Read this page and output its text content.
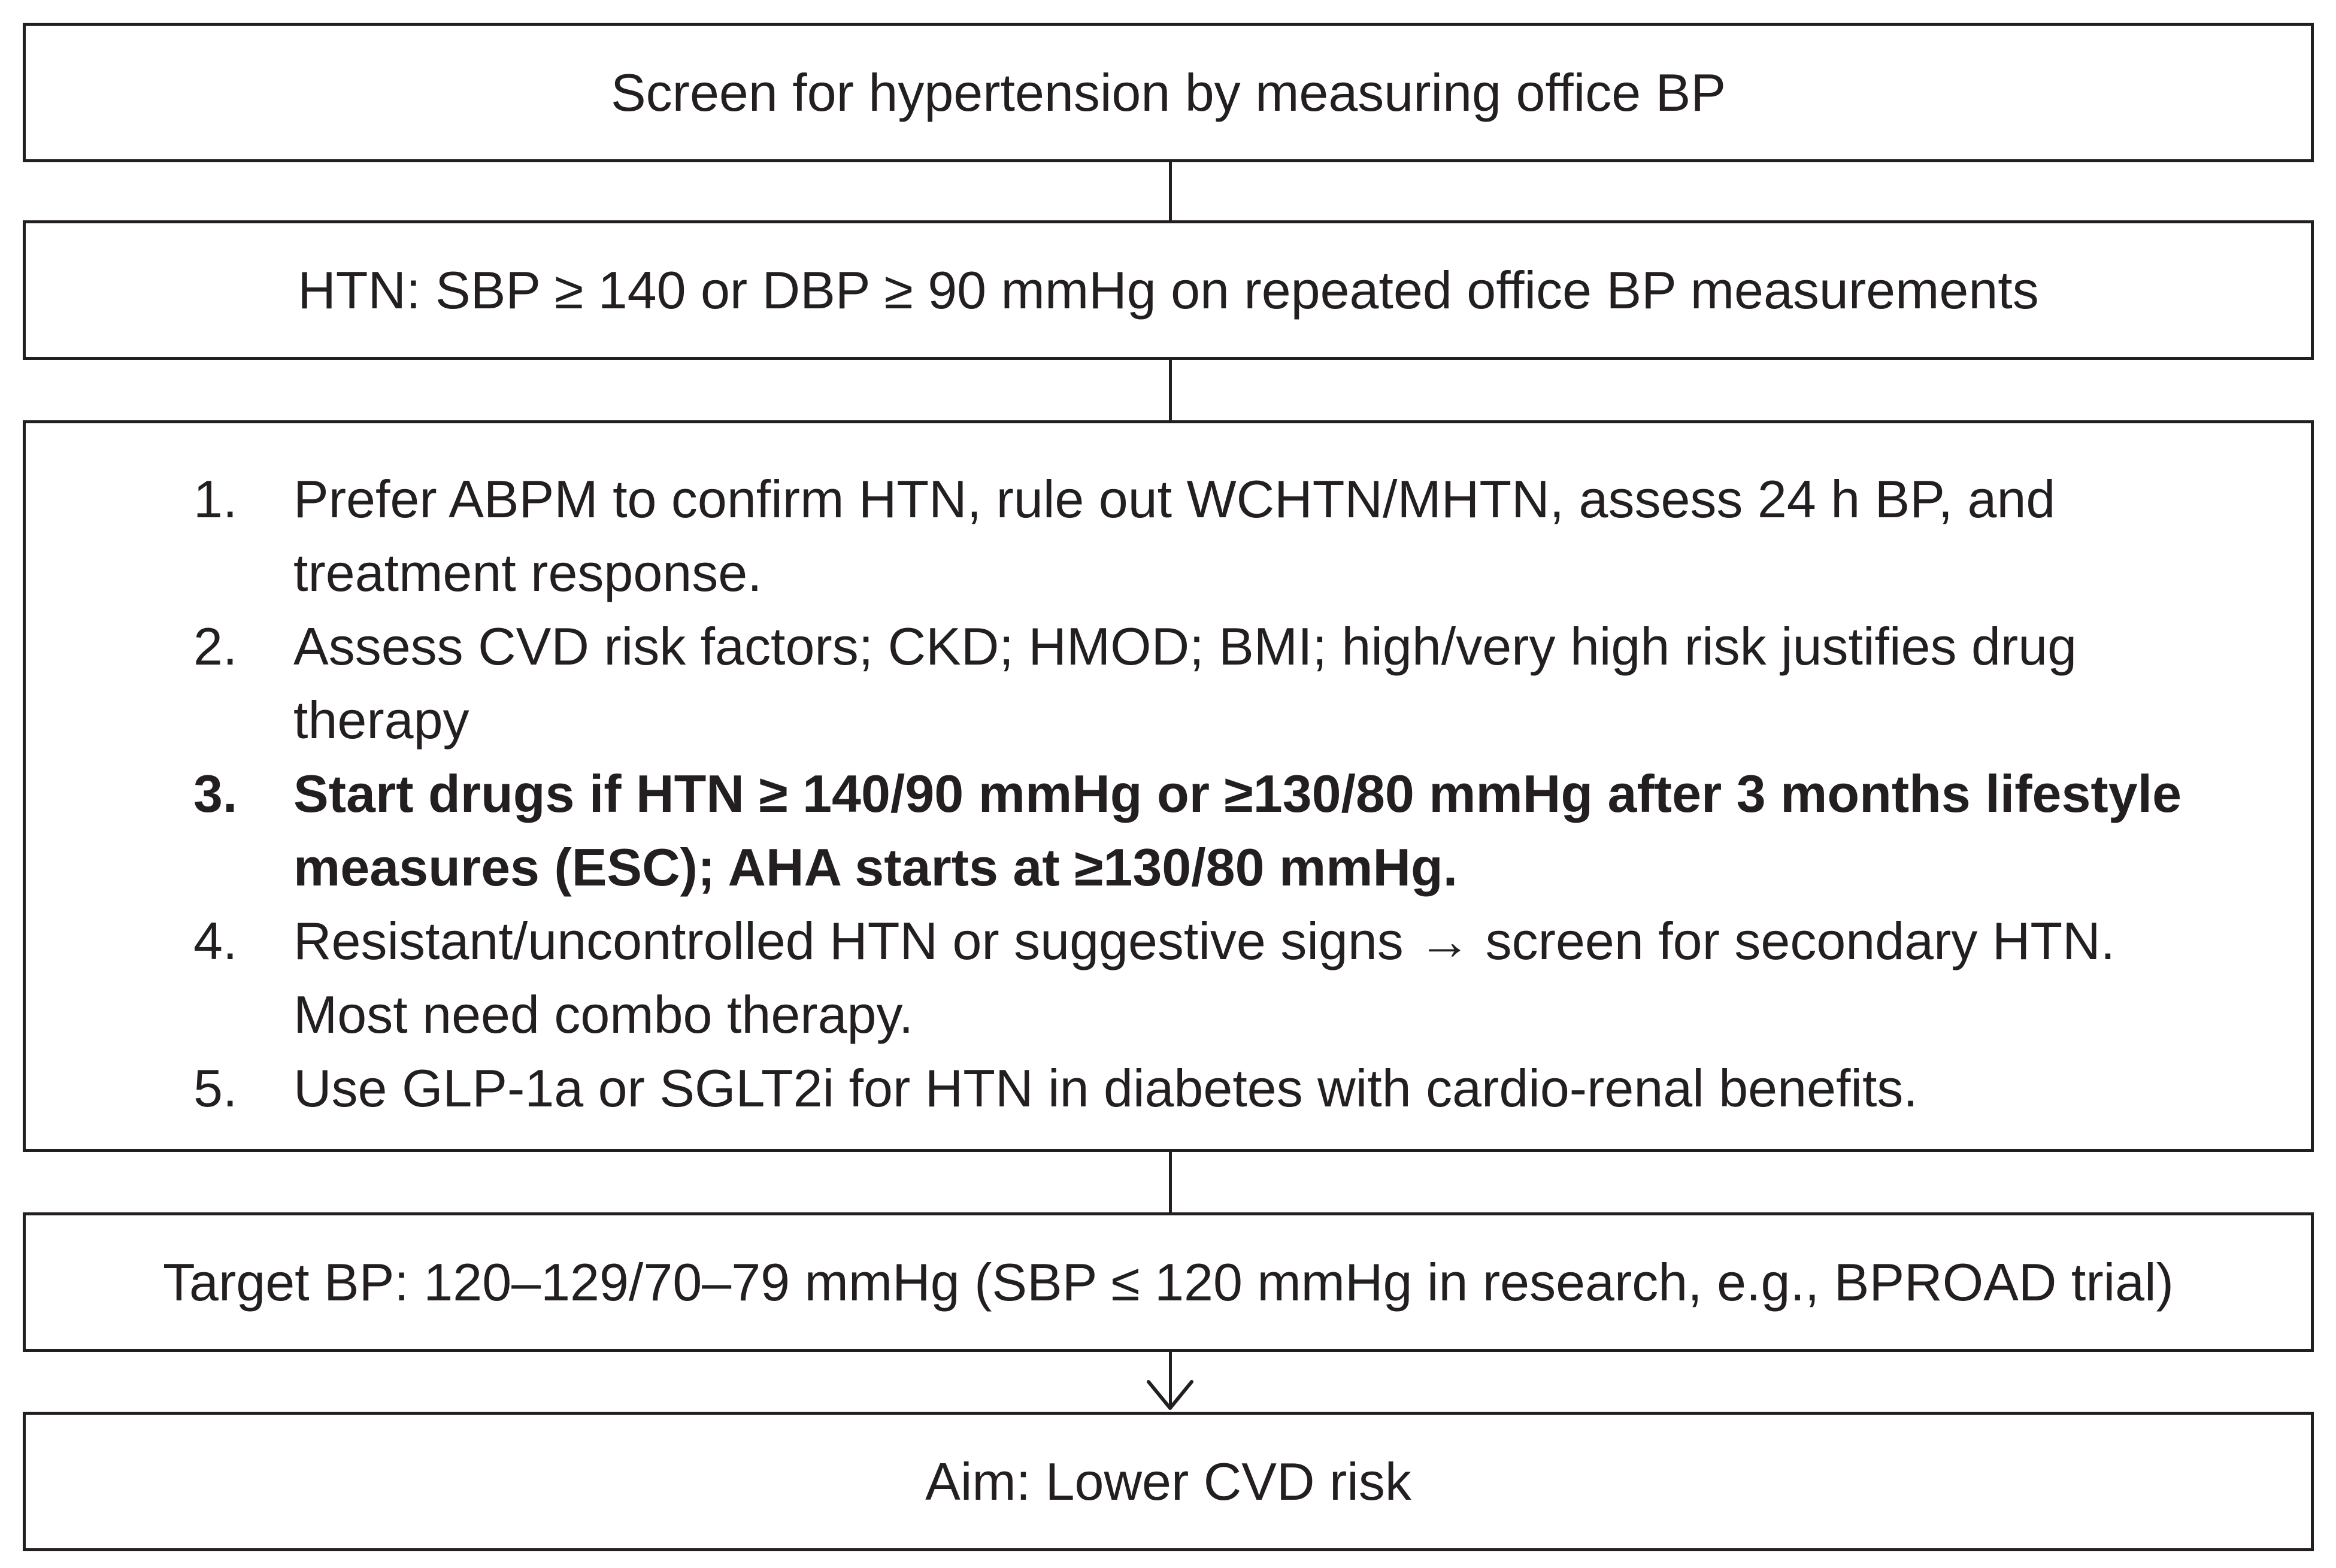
Screen for hypertension by measuring office BP
HTN: SBP ≥ 140 or DBP ≥ 90 mmHg on repeated office BP measurements
1. Prefer ABPM to confirm HTN, rule out WCHTN/MHTN, assess 24 h BP, and treatment response.
2. Assess CVD risk factors; CKD; HMOD; BMI; high/very high risk justifies drug therapy
3. Start drugs if HTN ≥ 140/90 mmHg or ≥130/80 mmHg after 3 months lifestyle measures (ESC); AHA starts at ≥130/80 mmHg.
4. Resistant/uncontrolled HTN or suggestive signs → screen for secondary HTN. Most need combo therapy.
5. Use GLP-1a or SGLT2i for HTN in diabetes with cardio-renal benefits.
Target BP: 120–129/70–79 mmHg (SBP ≤ 120 mmHg in research, e.g., BPROAD trial)
Aim: Lower CVD risk
